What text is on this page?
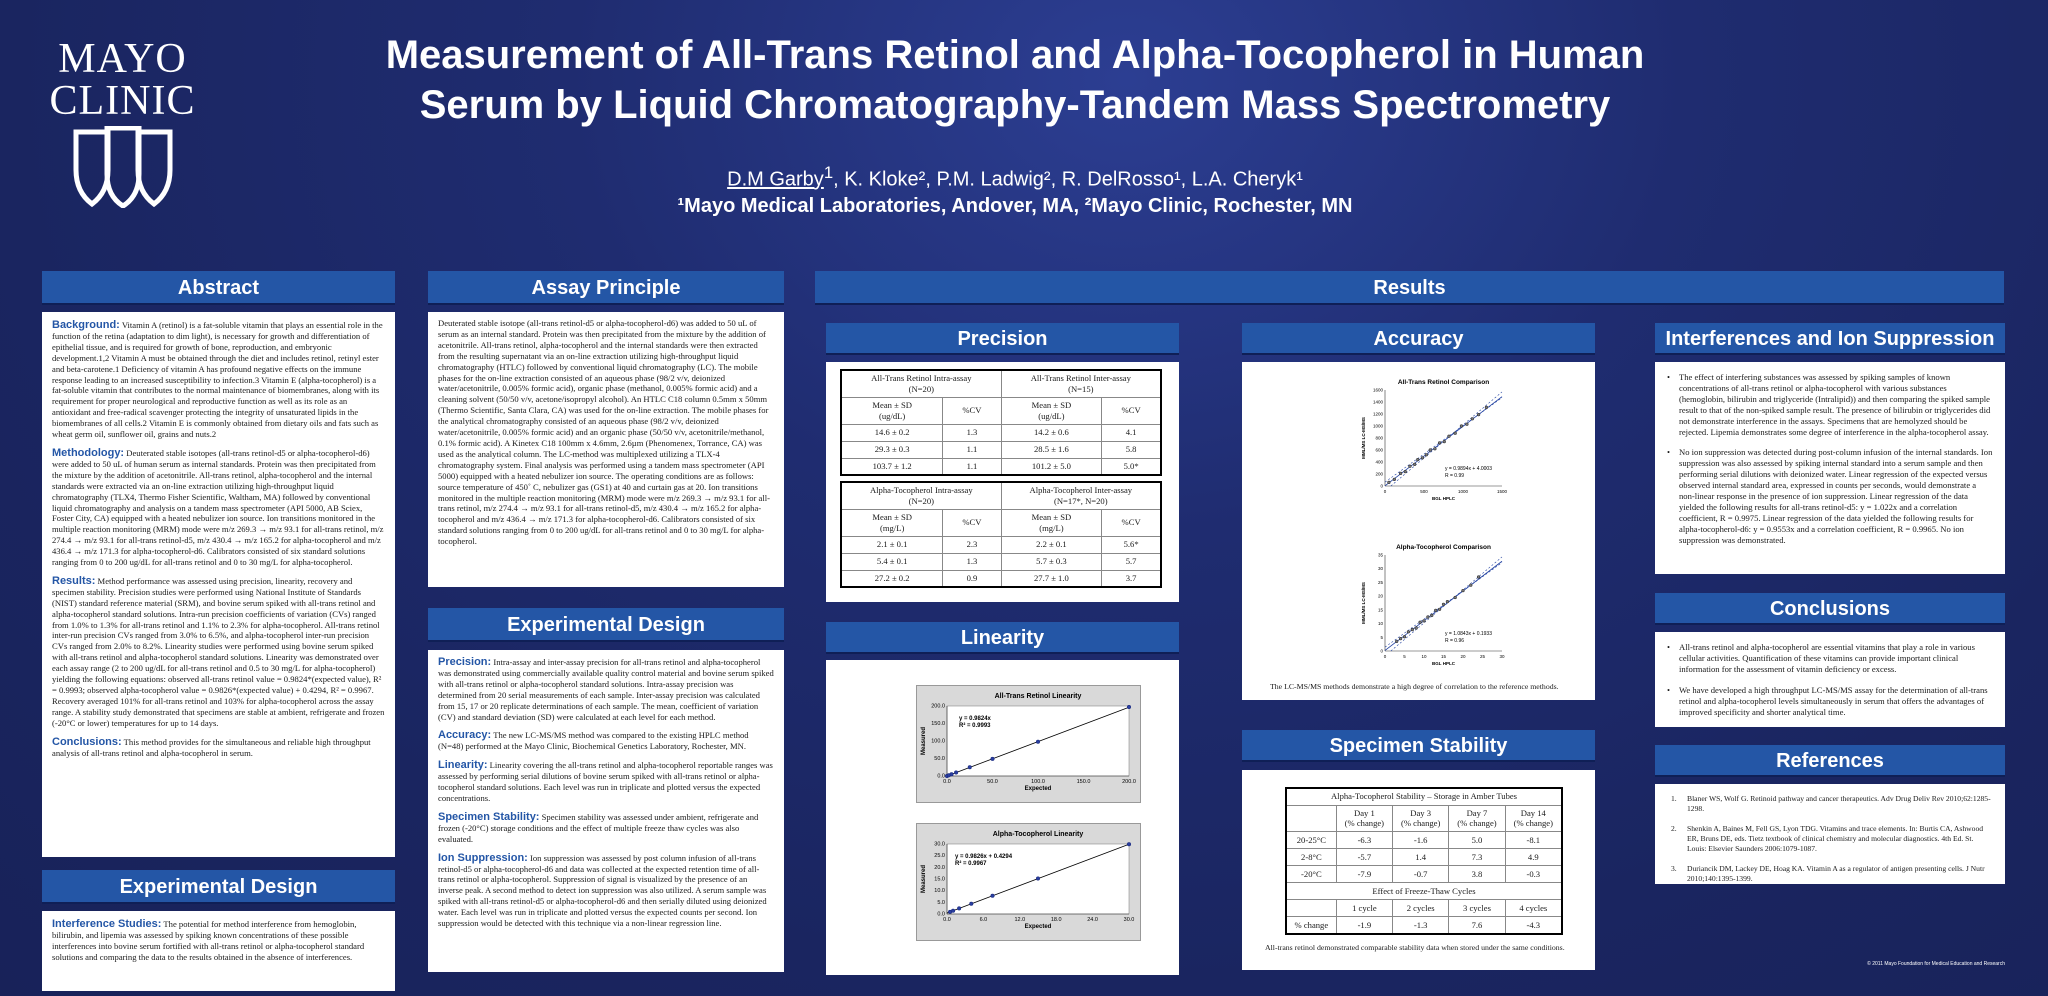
MAYO
CLINIC
Measurement of All-Trans Retinol and Alpha-Tocopherol in Human
Serum by Liquid Chromatography-Tandem Mass Spectrometry
D.M Garby$^1$, K. Kloke², P.M. Ladwig², R. DelRosso¹, L.A. Cheryk¹
¹Mayo Medical Laboratories, Andover, MA, ²Mayo Clinic, Rochester, MN
Abstract

Background: Vitamin A (retinol) is a fat-soluble vitamin that plays an essential role in the function of the retina (adaptation to dim light), is necessary for growth and differentiation of epithelial tissue, and is required for growth of bone, reproduction, and embryonic development.1,2 Vitamin A must be obtained through the diet and includes retinol, retinyl ester and beta-carotene.1 Deficiency of vitamin A has profound negative effects on the immune response leading to an increased susceptibility to infection.3 Vitamin E (alpha-tocopherol) is a fat-soluble vitamin that contributes to the normal maintenance of biomembranes, along with its requirement for proper neurological and reproductive function as well as its role as an antioxidant and free-radical scavenger protecting the integrity of unsaturated lipids in the biomembranes of all cells.2 Vitamin E is commonly obtained from dietary oils and fats such as wheat germ oil, sunflower oil, grains and nuts.2

Methodology: Deuterated stable isotopes (all-trans retinol-d5 or alpha-tocopherol-d6) were added to 50 uL of human serum as internal standards. Protein was then precipitated from the mixture by the addition of acetonitrile. All-trans retinol, alpha-tocopherol and the internal standards were extracted via an on-line extraction utilizing high-throughput liquid chromatography (TLX4, Thermo Fisher Scientific, Waltham, MA) followed by conventional liquid chromatography and analysis on a tandem mass spectrometer (API 5000, AB Sciex, Foster City, CA) equipped with a heated nebulizer ion source. Ion transitions monitored in the multiple reaction monitoring (MRM) mode were m/z 269.3 → m/z 93.1 for all-trans retinol, m/z 274.4 → m/z 93.1 for all-trans retinol-d5, m/z 430.4 → m/z 165.2 for alpha-tocopherol and m/z 436.4 → m/z 171.3 for alpha-tocopherol-d6. Calibrators consisted of six standard solutions ranging from 0 to 200 ug/dL for all-trans retinol and 0 to 30 mg/L for alpha-tocopherol.

Results: Method performance was assessed using precision, linearity, recovery and specimen stability. Precision studies were performed using National Institute of Standards (NIST) standard reference material (SRM), and bovine serum spiked with all-trans retinol and alpha-tocopherol standard solutions. Intra-run precision coefficients of variation (CVs) ranged from 1.0% to 1.3% for all-trans retinol and 1.1% to 2.3% for alpha-tocopherol. All-trans retinol inter-run precision CVs ranged from 3.0% to 6.5%, and alpha-tocopherol inter-run precision CVs ranged from 2.0% to 8.2%. Linearity studies were performed using bovine serum spiked with all-trans retinol and alpha-tocopherol standard solutions. Linearity was demonstrated over each assay range (2 to 200 ug/dL for all-trans retinol and 0.5 to 30 mg/L for alpha-tocopherol) yielding the following equations: observed all-trans retinol value = 0.9824*(expected value), R² = 0.9993; observed alpha-tocopherol value = 0.9826*(expected value) + 0.4294, R² = 0.9967. Recovery averaged 101% for all-trans retinol and 103% for alpha-tocopherol across the assay range. A stability study demonstrated that specimens are stable at ambient, refrigerate and frozen (-20°C or lower) temperatures for up to 14 days.

Conclusions: This method provides for the simultaneous and reliable high throughput analysis of all-trans retinol and alpha-tocopherol in serum.

Experimental Design

Interference Studies: The potential for method interference from hemoglobin, bilirubin, and lipemia was assessed by spiking known concentrations of these possible interferences into bovine serum fortified with all-trans retinol or alpha-tocopherol standard solutions and comparing the data to the results obtained in the absence of interferences.

Assay Principle

Deuterated stable isotope (all-trans retinol-d5 or alpha-tocopherol-d6) was added to 50 uL of serum as an internal standard. Protein was then precipitated from the mixture by the addition of acetonitrile. All-trans retinol, alpha-tocopherol and the internal standards were then extracted from the resulting supernatant via an on-line extraction utilizing high-throughput liquid chromatography (HTLC) followed by conventional liquid chromatography (LC). The mobile phases for the on-line extraction consisted of an aqueous phase (98/2 v/v, deionized water/acetonitrile, 0.005% formic acid), organic phase (methanol, 0.005% formic acid) and a cleaning solvent (50/50 v/v, acetone/isopropyl alcohol). An HTLC C18 column 0.5mm x 50mm (Thermo Scientific, Santa Clara, CA) was used for the on-line extraction. The mobile phases for the analytical chromatography consisted of an aqueous phase (98/2 v/v, deionized water/acetonitrile, 0.005% formic acid) and an organic phase (50/50 v/v, acetonitrile/methanol, 0.1% formic acid). A Kinetex C18 100mm x 4.6mm, 2.6µm (Phenomenex, Torrance, CA) was used as the analytical column. The LC-method was multiplexed utilizing a TLX-4 chromatography system. Final analysis was performed using a tandem mass spectrometer (API 5000) equipped with a heated nebulizer ion source. The operating conditions are as follows: source temperature of 450˚ C, nebulizer gas (GS1) at 40 and curtain gas at 20. Ion transitions monitored in the multiple reaction monitoring (MRM) mode were m/z 269.3 → m/z 93.1 for all-trans retinol, m/z 274.4 → m/z 93.1 for all-trans retinol-d5, m/z 430.4 → m/z 165.2 for alpha-tocopherol and m/z 436.4 → m/z 171.3 for alpha-tocopherol-d6. Calibrators consisted of six standard solutions ranging from 0 to 200 ug/dL for all-trans retinol and 0 to 30 mg/L for alpha-tocopherol.

Experimental Design

Precision: Intra-assay and inter-assay precision for all-trans retinol and alpha-tocopherol was demonstrated using commercially available quality control material and bovine serum spiked with all-trans retinol or alpha-tocopherol standard solutions. Intra-assay precision was determined from 20 serial measurements of each sample. Inter-assay precision was calculated from 15, 17 or 20 replicate determinations of each sample. The mean, coefficient of variation (CV) and standard deviation (SD) were calculated at each level for each method.

Accuracy: The new LC-MS/MS method was compared to the existing HPLC method (N=48) performed at the Mayo Clinic, Biochemical Genetics Laboratory, Rochester, MN.

Linearity: Linearity covering the all-trans retinol and alpha-tocopherol reportable ranges was assessed by performing serial dilutions of bovine serum spiked with all-trans retinol or alpha-tocopherol standard solutions. Each level was run in triplicate and plotted versus the expected concentrations.

Specimen Stability: Specimen stability was assessed under ambient, refrigerate and frozen (-20°C) storage conditions and the effect of multiple freeze thaw cycles was also evaluated.

Ion Suppression: Ion suppression was assessed by post column infusion of all-trans retinol-d5 or alpha-tocopherol-d6 and data was collected at the expected retention time of all-trans retinol or alpha-tocopherol. Suppression of signal is visualized by the presence of an inverse peak. A second method to detect ion suppression was also utilized. A serum sample was spiked with all-trans retinol-d5 or alpha-tocopherol-d6 and then serially diluted using deionized water. Each level was run in triplicate and plotted versus the expected counts per second. Ion suppression would be detected with this technique via a non-linear regression line.

Results
Precision
All-Trans Retinol Intra-assay
(N=20)		All-Trans Retinol Inter-assay
(N=15)	
Mean ± SD
(ug/dL)	%CV	Mean ± SD
(ug/dL)	%CV
14.6 ± 0.2	1.3	14.2 ± 0.6	4.1
29.3 ± 0.3	1.1	28.5 ± 1.6	5.8
103.7 ± 1.2	1.1	101.2 ± 5.0	5.0*
Alpha-Tocopherol Intra-assay
(N=20)		Alpha-Tocopherol Inter-assay
(N=17*, N=20)	
Mean ± SD
(mg/L)	%CV	Mean ± SD
(mg/L)	%CV
2.1 ± 0.1	2.3	2.2 ± 0.1	5.6*
5.4 ± 0.1	1.3	5.7 ± 0.3	5.7
27.2 ± 0.2	0.9	27.7 ± 1.0	3.7
Linearity
All-Trans Retinol Linearity
0.0	50.0	100.0	150.0	200.0
0.0
50.0
100.0
150.0
200.0
Expected
Measured
y = 0.9824x
R² = 0.9993
Alpha-Tocopherol Linearity
0.0	6.0	12.0	18.0	24.0	30.0
0.0
5.0
10.0
15.0
20.0
25.0
30.0
Expected
Measured
y = 0.9826x + 0.4294
R² = 0.9967
Accuracy
All-Trans Retinol Comparison
0	500	1000	1500
0
200
400
600
800
1000
1200
1400
1600
BGL HPLC
MML/MS LC-MS/MS
y = 0.9894x + 4.0003
R = 0.99
Alpha-Tocopherol Comparison
0	5	10	15	20	25	30
0
5
10
15
20
25
30
35
BGL HPLC
MML/MS LC-MS/MS
y = 1.0843x + 0.1933
R = 0.96
The LC-MS/MS methods demonstrate a high degree of correlation to the reference methods.
Specimen Stability
Alpha-Tocopherol Stability – Storage in Amber Tubes				
	Day 1
(% change)	Day 3
(% change)	Day 7
(% change)	Day 14
(% change)
20-25°C	-6.3	-1.6	5.0	-8.1
2-8°C	-5.7	1.4	7.3	4.9
-20°C	-7.9	-0.7	3.8	-0.3
Effect of Freeze-Thaw Cycles				
	1 cycle	2 cycles	3 cycles	4 cycles
% change	-1.9	-1.3	7.6	-4.3
All-trans retinol demonstrated comparable stability data when stored under the same conditions.
Interferences and Ion Suppression
• The effect of interfering substances was assessed by spiking samples of known concentrations of all-trans retinol or alpha-tocopherol with various substances (hemoglobin, bilirubin and triglyceride (Intralipid)) and then comparing the spiked sample result to that of the non-spiked sample result. The presence of bilirubin or triglycerides did not demonstrate interference in the assays. Specimens that are hemolyzed should be rejected. Lipemia demonstrates some degree of interference in the alpha-tocopherol assay.
• No ion suppression was detected during post-column infusion of the internal standards. Ion suppression was also assessed by spiking internal standard into a serum sample and then performing serial dilutions with deionized water. Linear regression of the expected versus observed internal standard area, expressed in counts per seconds, would demonstrate a non-linear response in the presence of ion suppression. Linear regression of the data yielded the following results for all-trans retinol-d5: y = 1.022x and a correlation coefficient, R = 0.9975. Linear regression of the data yielded the following results for alpha-tocopherol-d6: y = 0.9553x and a correlation coefficient, R = 0.9965. No ion suppression was demonstrated.
Conclusions
• All-trans retinol and alpha-tocopherol are essential vitamins that play a role in various cellular activities. Quantification of these vitamins can provide important clinical information for the assessment of vitamin deficiency or excess.
• We have developed a high throughput LC-MS/MS assay for the determination of all-trans retinol and alpha-tocopherol levels simultaneously in serum that offers the advantages of improved specificity and shorter analytical time.
References
1. Blaner WS, Wolf G. Retinoid pathway and cancer therapeutics. Adv Drug Deliv Rev 2010;62:1285-1298.
2. Shenkin A, Baines M, Fell GS, Lyon TDG. Vitamins and trace elements. In: Burtis CA, Ashwood ER, Bruns DE, eds. Tietz textbook of clinical chemistry and molecular diagnostics. 4th Ed. St. Louis: Elsevier Saunders 2006:1079-1087.
3. Duriancik DM, Lackey DE, Hoag KA. Vitamin A as a regulator of antigen presenting cells. J Nutr 2010;140:1395-1399.
© 2011 Mayo Foundation for Medical Education and Research
